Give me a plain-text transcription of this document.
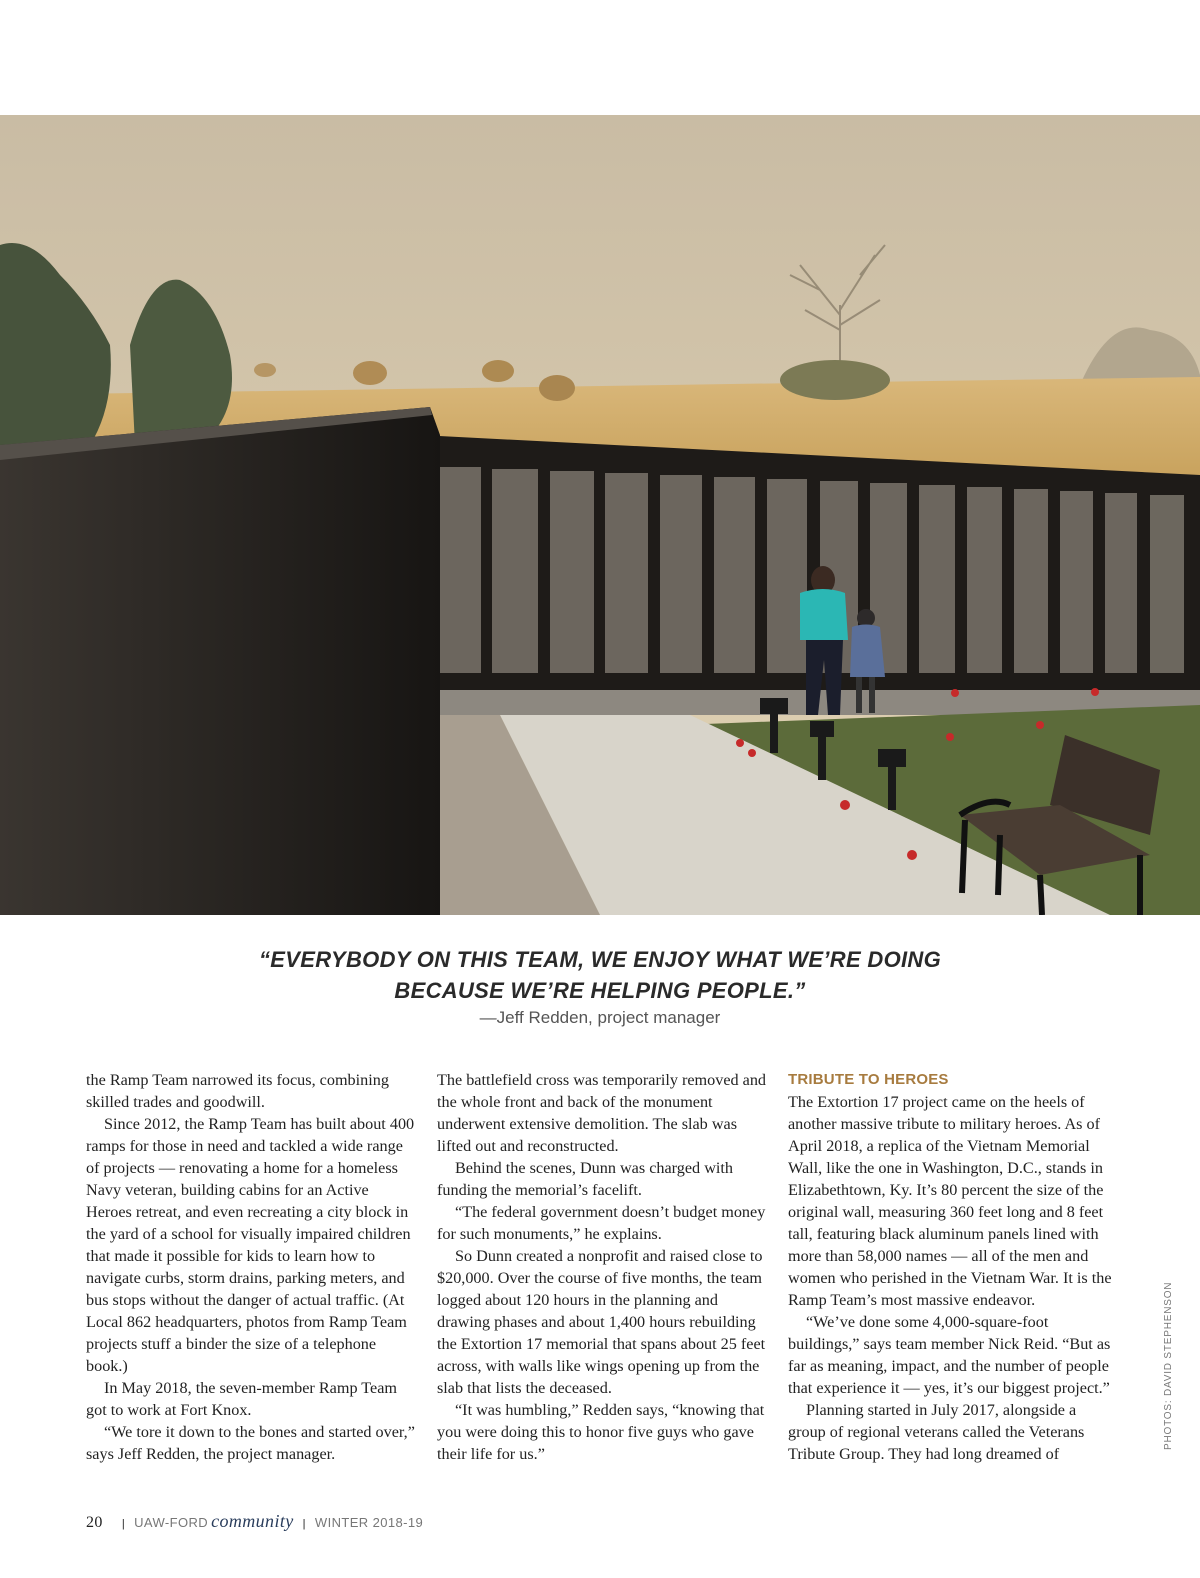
“EVERYBODY ON THIS TEAM, WE ENJOY WHAT WE’RE DOING
BECAUSE WE’RE HELPING PEOPLE.”
—Jeff Redden, project manager

the Ramp Team narrowed its focus, combining skilled trades and goodwill.

Since 2012, the Ramp Team has built about 400 ramps for those in need and tackled a wide range of projects — renovating a home for a homeless Navy veteran, building cabins for an Active Heroes retreat, and even recreating a city block in the yard of a school for visually impaired children that made it possible for kids to learn how to navigate curbs, storm drains, parking meters, and bus stops without the danger of actual traffic. (At Local 862 headquarters, photos from Ramp Team projects stuff a binder the size of a telephone book.)

In May 2018, the seven-member Ramp Team got to work at Fort Knox.

“We tore it down to the bones and started over,” says Jeff Redden, the project manager.

The battlefield cross was temporarily removed and the whole front and back of the monument underwent extensive demolition. The slab was lifted out and reconstructed.

Behind the scenes, Dunn was charged with funding the memorial’s facelift.

“The federal government doesn’t budget money for such monuments,” he explains.

So Dunn created a nonprofit and raised close to $20,000. Over the course of five months, the team logged about 120 hours in the planning and drawing phases and about 1,400 hours rebuilding the Extortion 17 memorial that spans about 25 feet across, with walls like wings opening up from the slab that lists the deceased.

“It was humbling,” Redden says, “knowing that you were doing this to honor five guys who gave their life for us.”

TRIBUTE TO HEROES

The Extortion 17 project came on the heels of another massive tribute to military heroes. As of April 2018, a replica of the Vietnam Memorial Wall, like the one in Washington, D.C., stands in Elizabethtown, Ky. It’s 80 percent the size of the original wall, measuring 360 feet long and 8 feet tall, featuring black aluminum panels lined with more than 58,000 names — all of the men and women who perished in the Vietnam War. It is the Ramp Team’s most massive endeavor.

“We’ve done some 4,000-square-foot buildings,” says team member Nick Reid. “But as far as meaning, impact, and the number of people that experience it — yes, it’s our biggest project.”

Planning started in July 2017, alongside a group of regional veterans called the Veterans Tribute Group. They had long dreamed of

PHOTOS: DAVID STEPHENSON
20 | UAW-FORD community | WINTER 2018-19
